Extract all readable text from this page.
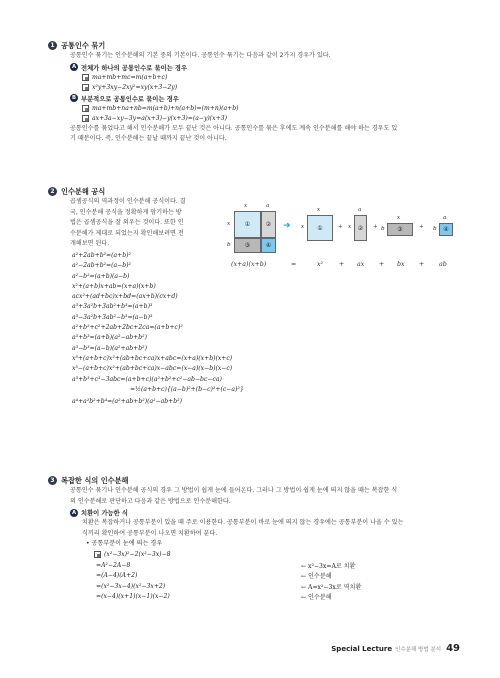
1 공통인수 묶기
공통인수 묶기는 인수분해의 기본 중의 기본이다. 공통인수 묶기는 다음과 같이 2가지 경우가 있다.
A 전체가 하나의 공통인수로 묶이는 경우
ma+mb+mc=m(a+b+c)
x²y+3xy−2xy²=xy(x+3−2y)
B 부분적으로 공통인수로 묶이는 경우
ma+mb+na+nb=m(a+b)+n(a+b)=(m+n)(a+b)
ax+3a−xy−3y=a(x+3)−y(x+3)=(a−y)(x+3)
공통인수를 묶었다고 해서 인수분해가 모두 끝난 것은 아니다. 공통인수를 묶은 후에도 계속 인수분해를 해야 하는 경우도 있
기 때문이다. 즉, 인수분해는 끝날 때까지 끝난 것이 아니다.
2 인수분해 공식
곱셈공식의 역과정이 인수분해 공식이다. 결
국, 인수분해 공식을 정확하게 암기하는 방
법은 곱셈공식을 잘 외우는 것이다. 또한 인
수분해가 제대로 되었는지 확인해보려면 전
개해보면 된다.
a²+2ab+b²=(a+b)²
a²−2ab+b²=(a−b)²
a²−b²=(a+b)(a−b)
x²+(a+b)x+ab=(x+a)(x+b)
acx²+(ad+bc)x+bd=(ax+b)(cx+d)
a³+3a²b+3ab²+b³=(a+b)³
a³−3a²b+3ab²−b³=(a−b)³
a²+b²+c²+2ab+2bc+2ca=(a+b+c)²
a³+b³=(a+b)(a²−ab+b²)
a³−b³=(a−b)(a²+ab+b²)
x³+(a+b+c)x²+(ab+bc+ca)x+abc=(x+a)(x+b)(x+c)
x³−(a+b+c)x²+(ab+bc+ca)x−abc=(x−a)(x−b)(x−c)
a³+b³+c³−3abc=(a+b+c)(a²+b²+c²−ab−bc−ca)
=½(a+b+c){(a−b)²+(b−c)²+(c−a)²}
a⁴+a²b²+b⁴=(a²+ab+b²)(a²−ab+b²)
①	②
③	④
x	a
x
b
➜	①
x
x	+	②
a
x	+	③
x
b	+	④
a
b
(x+a)(x+b)	=	x²	+ ax + bx + ab
3 복잡한 식의 인수분해
공통인수 묶기나 인수분해 공식의 경우 그 방법이 쉽게 눈에 들어온다. 그러나 그 방법이 쉽게 눈에 띄지 않을 때는 복잡한 식
의 인수분해로 판단하고 다음과 같은 방법으로 인수분해한다.
A 치환이 가능한 식
치환은 복잡하거나 공통부분이 있을 때 주로 이용한다. 공통부분이 바로 눈에 띄지 않는 경우에는 공통부분이 나올 수 있는
식끼리 확인하여 공통부분이 나오면 치환하여 푼다.
• 공통부분이 눈에 띄는 경우
(x²−3x)²−2(x²−3x)−8
=A²−2A−8	← x²−3x=A로 치환
=(A−4)(A+2)	← 인수분해
=(x²−3x−4)(x²−3x+2)	← A=x²−3x로 역치환
=(x−4)(x+1)(x−1)(x−2)	← 인수분해
Special Lecture 인수분해 방법 분석 49
